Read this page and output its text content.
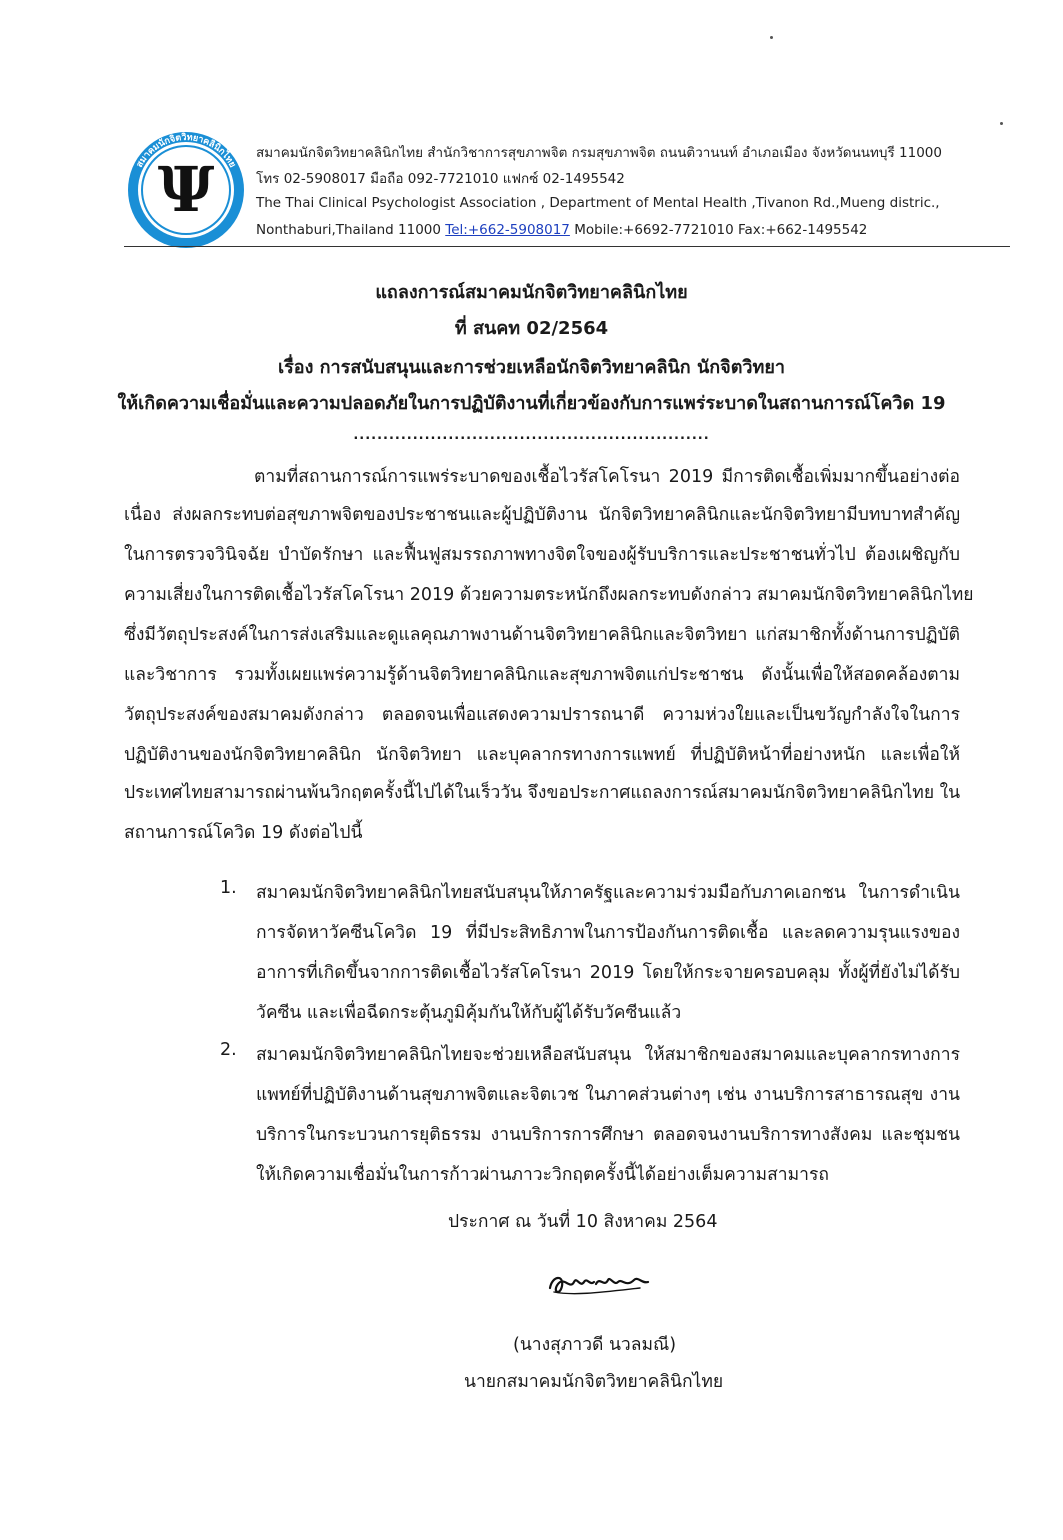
สมาคมนักจิตวิทยาคลินิกไทย
Ψ	สมาคมนักจิตวิทยาคลินิกไทย สำนักวิชาการสุขภาพจิต กรมสุขภาพจิต ถนนติวานนท์ อำเภอเมือง จังหวัดนนทบุรี 11000
โทร 02-5908017 มือถือ 092-7721010 แฟกซ์ 02-1495542
The Thai Clinical Psychologist Association , Department of Mental Health ,Tivanon Rd.,Mueng distric.,
Nonthaburi,Thailand 11000 Tel:+662-5908017 Mobile:+6692-7721010 Fax:+662-1495542
แถลงการณ์สมาคมนักจิตวิทยาคลินิกไทย
ที่ สนคท 02/2564
เรื่อง การสนับสนุนและการช่วยเหลือนักจิตวิทยาคลินิก นักจิตวิทยา
ให้เกิดความเชื่อมั่นและความปลอดภัยในการปฏิบัติงานที่เกี่ยวข้องกับการแพร่ระบาดในสถานการณ์โควิด 19
............................................................
ตามที่สถานการณ์การแพร่ระบาดของเชื้อไวรัสโคโรนา 2019 มีการติดเชื้อเพิ่มมากขึ้นอย่างต่อ
เนื่อง ส่งผลกระทบต่อสุขภาพจิตของประชาชนและผู้ปฏิบัติงาน นักจิตวิทยาคลินิกและนักจิตวิทยามีบทบาทสำคัญ
ในการตรวจวินิจฉัย บำบัดรักษา และฟื้นฟูสมรรถภาพทางจิตใจของผู้รับบริการและประชาชนทั่วไป ต้องเผชิญกับ
ความเสี่ยงในการติดเชื้อไวรัสโคโรนา 2019 ด้วยความตระหนักถึงผลกระทบดังกล่าว สมาคมนักจิตวิทยาคลินิกไทย
ซึ่งมีวัตถุประสงค์ในการส่งเสริมและดูแลคุณภาพงานด้านจิตวิทยาคลินิกและจิตวิทยา แก่สมาชิกทั้งด้านการปฏิบัติ
และวิชาการ รวมทั้งเผยแพร่ความรู้ด้านจิตวิทยาคลินิกและสุขภาพจิตแก่ประชาชน ดังนั้นเพื่อให้สอดคล้องตาม
วัตถุประสงค์ของสมาคมดังกล่าว ตลอดจนเพื่อแสดงความปรารถนาดี ความห่วงใยและเป็นขวัญกำลังใจในการ
ปฏิบัติงานของนักจิตวิทยาคลินิก นักจิตวิทยา และบุคลากรทางการแพทย์ ที่ปฏิบัติหน้าที่อย่างหนัก และเพื่อให้
ประเทศไทยสามารถผ่านพ้นวิกฤตครั้งนี้ไปได้ในเร็ววัน จึงขอประกาศแถลงการณ์สมาคมนักจิตวิทยาคลินิกไทย ใน
สถานการณ์โควิด 19 ดังต่อไปนี้
1. สมาคมนักจิตวิทยาคลินิกไทยสนับสนุนให้ภาครัฐและความร่วมมือกับภาคเอกชน ในการดำเนิน
การจัดหาวัคซีนโควิด 19 ที่มีประสิทธิภาพในการป้องกันการติดเชื้อ และลดความรุนแรงของ
อาการที่เกิดขึ้นจากการติดเชื้อไวรัสโคโรนา 2019 โดยให้กระจายครอบคลุม ทั้งผู้ที่ยังไม่ได้รับ
วัคซีน และเพื่อฉีดกระตุ้นภูมิคุ้มกันให้กับผู้ได้รับวัคซีนแล้ว
2. สมาคมนักจิตวิทยาคลินิกไทยจะช่วยเหลือสนับสนุน ให้สมาชิกของสมาคมและบุคลากรทางการ
แพทย์ที่ปฏิบัติงานด้านสุขภาพจิตและจิตเวช ในภาคส่วนต่างๆ เช่น งานบริการสาธารณสุข งาน
บริการในกระบวนการยุติธรรม งานบริการการศึกษา ตลอดจนงานบริการทางสังคม และชุมชน
ให้เกิดความเชื่อมั่นในการก้าวผ่านภาวะวิกฤตครั้งนี้ได้อย่างเต็มความสามารถ
ประกาศ ณ วันที่ 10 สิงหาคม 2564
(นางสุภาวดี นวลมณี)
นายกสมาคมนักจิตวิทยาคลินิกไทย
